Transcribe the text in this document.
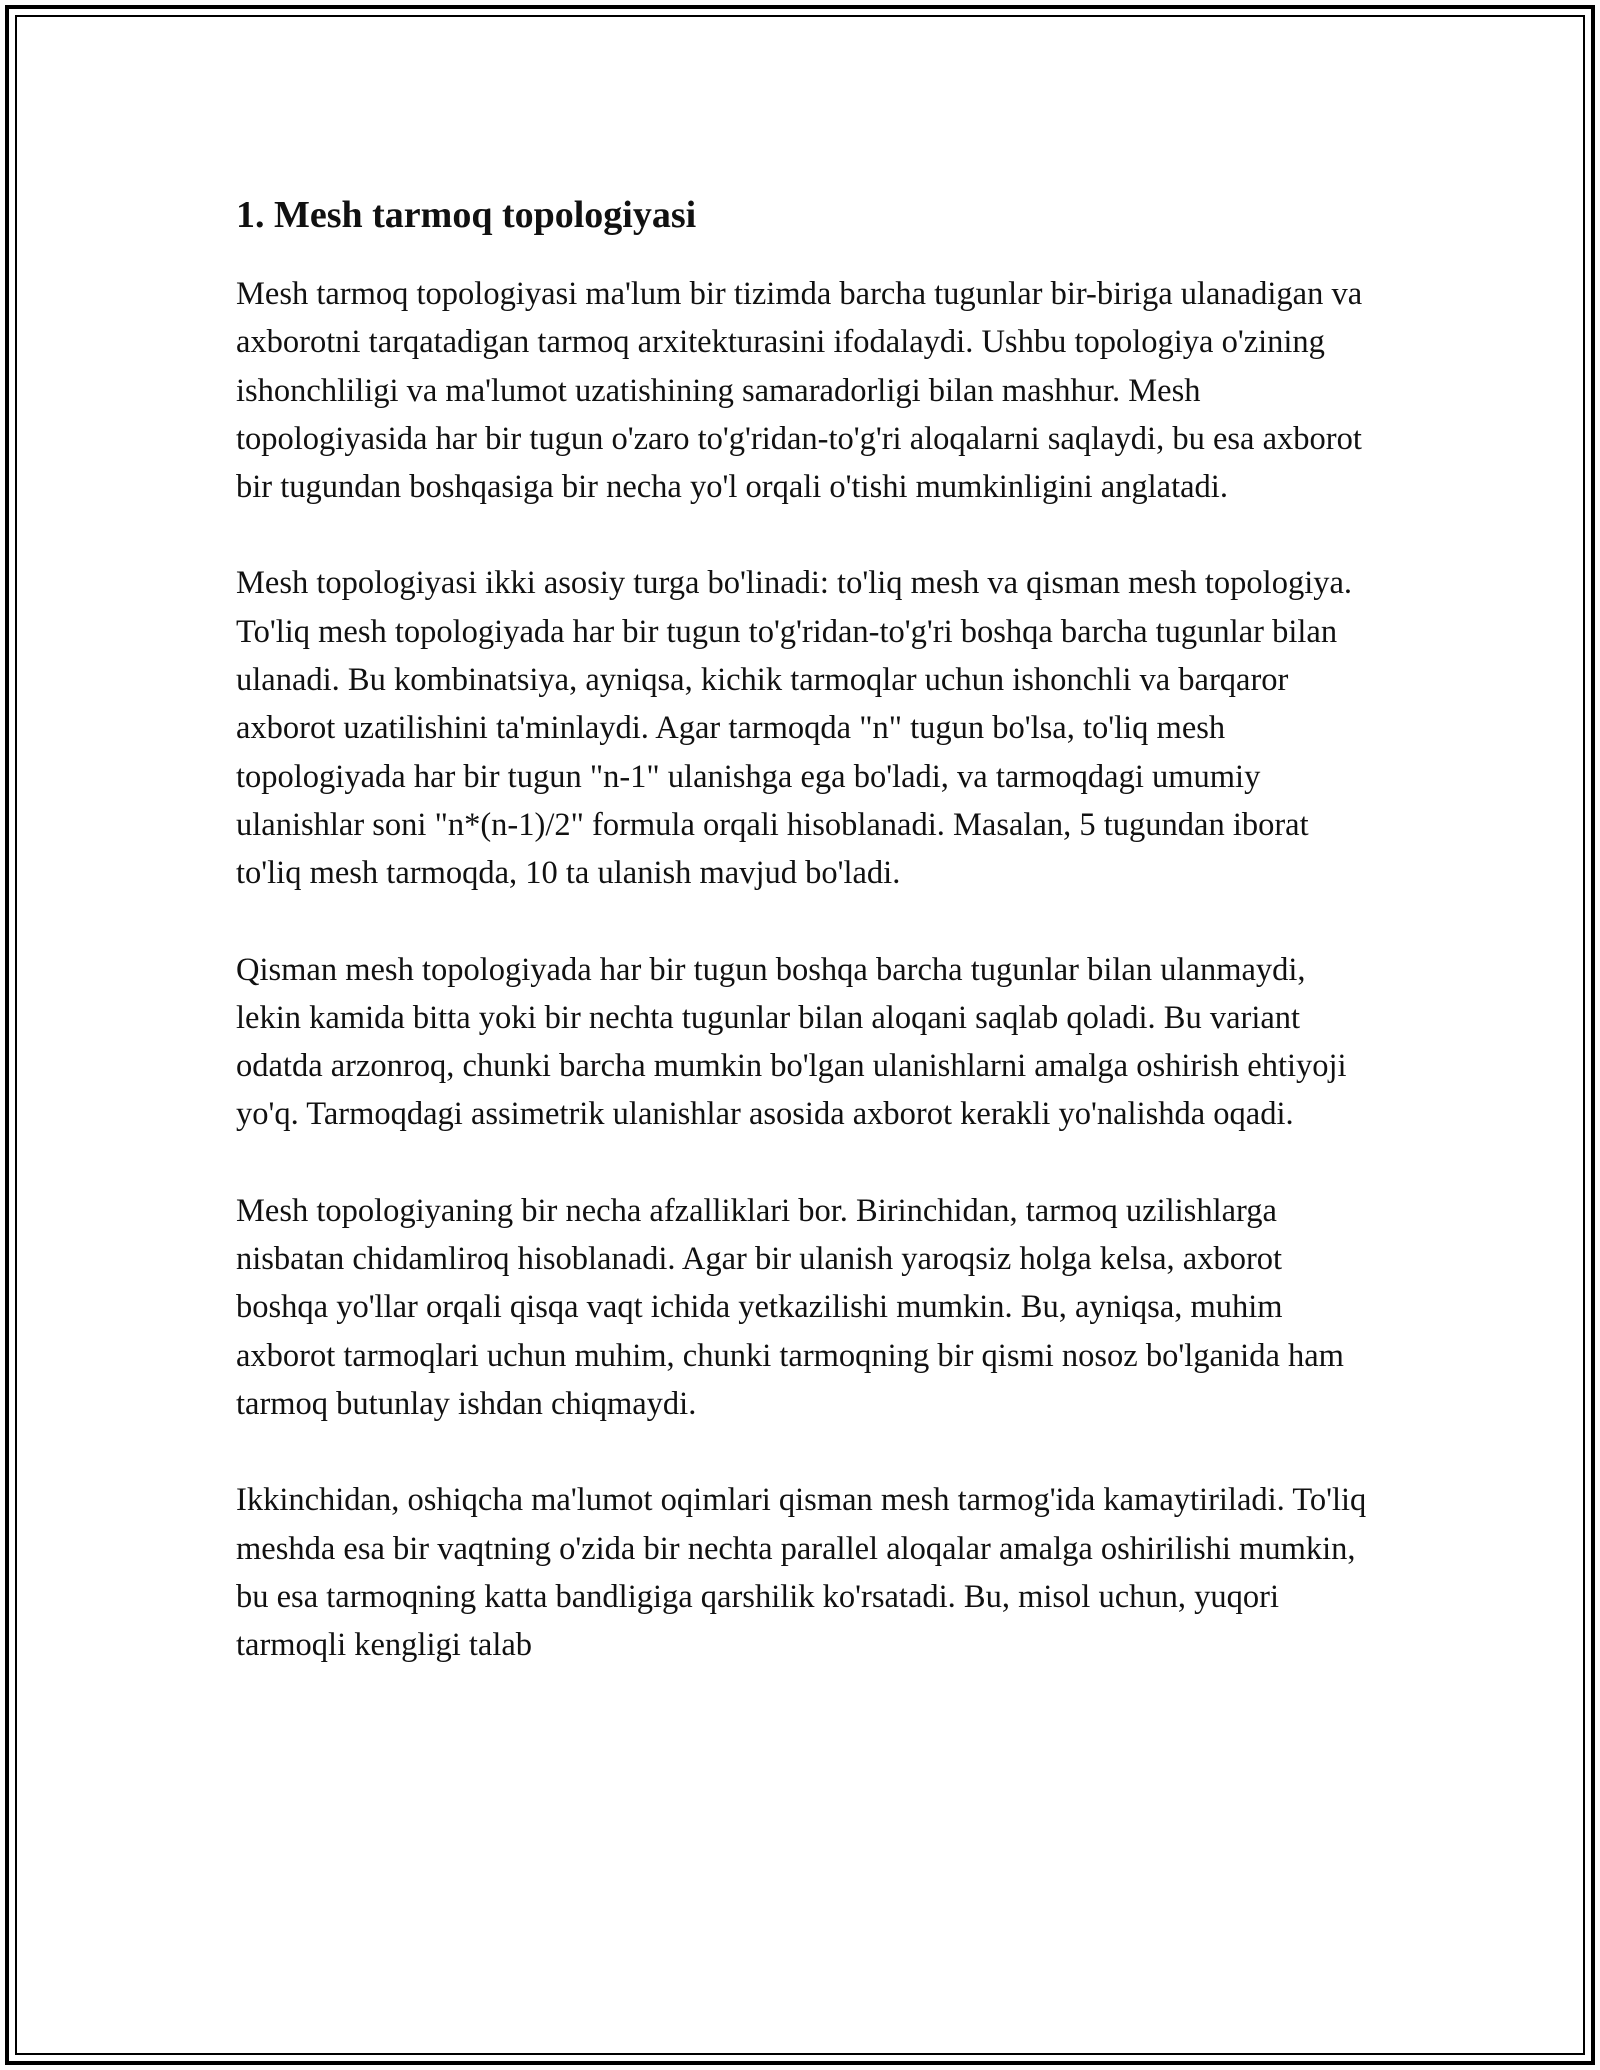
1. Mesh tarmoq topologiyasi

Mesh tarmoq topologiyasi ma'lum bir tizimda barcha tugunlar bir-biriga ulanadigan va axborotni tarqatadigan tarmoq arxitekturasini ifodalaydi. Ushbu topologiya o'zining ishonchliligi va ma'lumot uzatishining samaradorligi bilan mashhur. Mesh topologiyasida har bir tugun o'zaro to'g'ridan-to'g'ri aloqalarni saqlaydi, bu esa axborot bir tugundan boshqasiga bir necha yo'l orqali o'tishi mumkinligini anglatadi.

Mesh topologiyasi ikki asosiy turga bo'linadi: to'liq mesh va qisman mesh topologiya. To'liq mesh topologiyada har bir tugun to'g'ridan-to'g'ri boshqa barcha tugunlar bilan ulanadi. Bu kombinatsiya, ayniqsa, kichik tarmoqlar uchun ishonchli va barqaror axborot uzatilishini ta'minlaydi. Agar tarmoqda "n" tugun bo'lsa, to'liq mesh topologiyada har bir tugun "n-1" ulanishga ega bo'ladi, va tarmoqdagi umumiy ulanishlar soni "n*(n-1)/2" formula orqali hisoblanadi. Masalan, 5 tugundan iborat to'liq mesh tarmoqda, 10 ta ulanish mavjud bo'ladi.

Qisman mesh topologiyada har bir tugun boshqa barcha tugunlar bilan ulanmaydi, lekin kamida bitta yoki bir nechta tugunlar bilan aloqani saqlab qoladi. Bu variant odatda arzonroq, chunki barcha mumkin bo'lgan ulanishlarni amalga oshirish ehtiyoji yo'q. Tarmoqdagi assimetrik ulanishlar asosida axborot kerakli yo'nalishda oqadi.

Mesh topologiyaning bir necha afzalliklari bor. Birinchidan, tarmoq uzilishlarga nisbatan chidamliroq hisoblanadi. Agar bir ulanish yaroqsiz holga kelsa, axborot boshqa yo'llar orqali qisqa vaqt ichida yetkazilishi mumkin. Bu, ayniqsa, muhim axborot tarmoqlari uchun muhim, chunki tarmoqning bir qismi nosoz bo'lganida ham tarmoq butunlay ishdan chiqmaydi.

Ikkinchidan, oshiqcha ma'lumot oqimlari qisman mesh tarmog'ida kamaytiriladi. To'liq meshda esa bir vaqtning o'zida bir nechta parallel aloqalar amalga oshirilishi mumkin, bu esa tarmoqning katta bandligiga qarshilik ko'rsatadi. Bu, misol uchun, yuqori tarmoqli kengligi talab
